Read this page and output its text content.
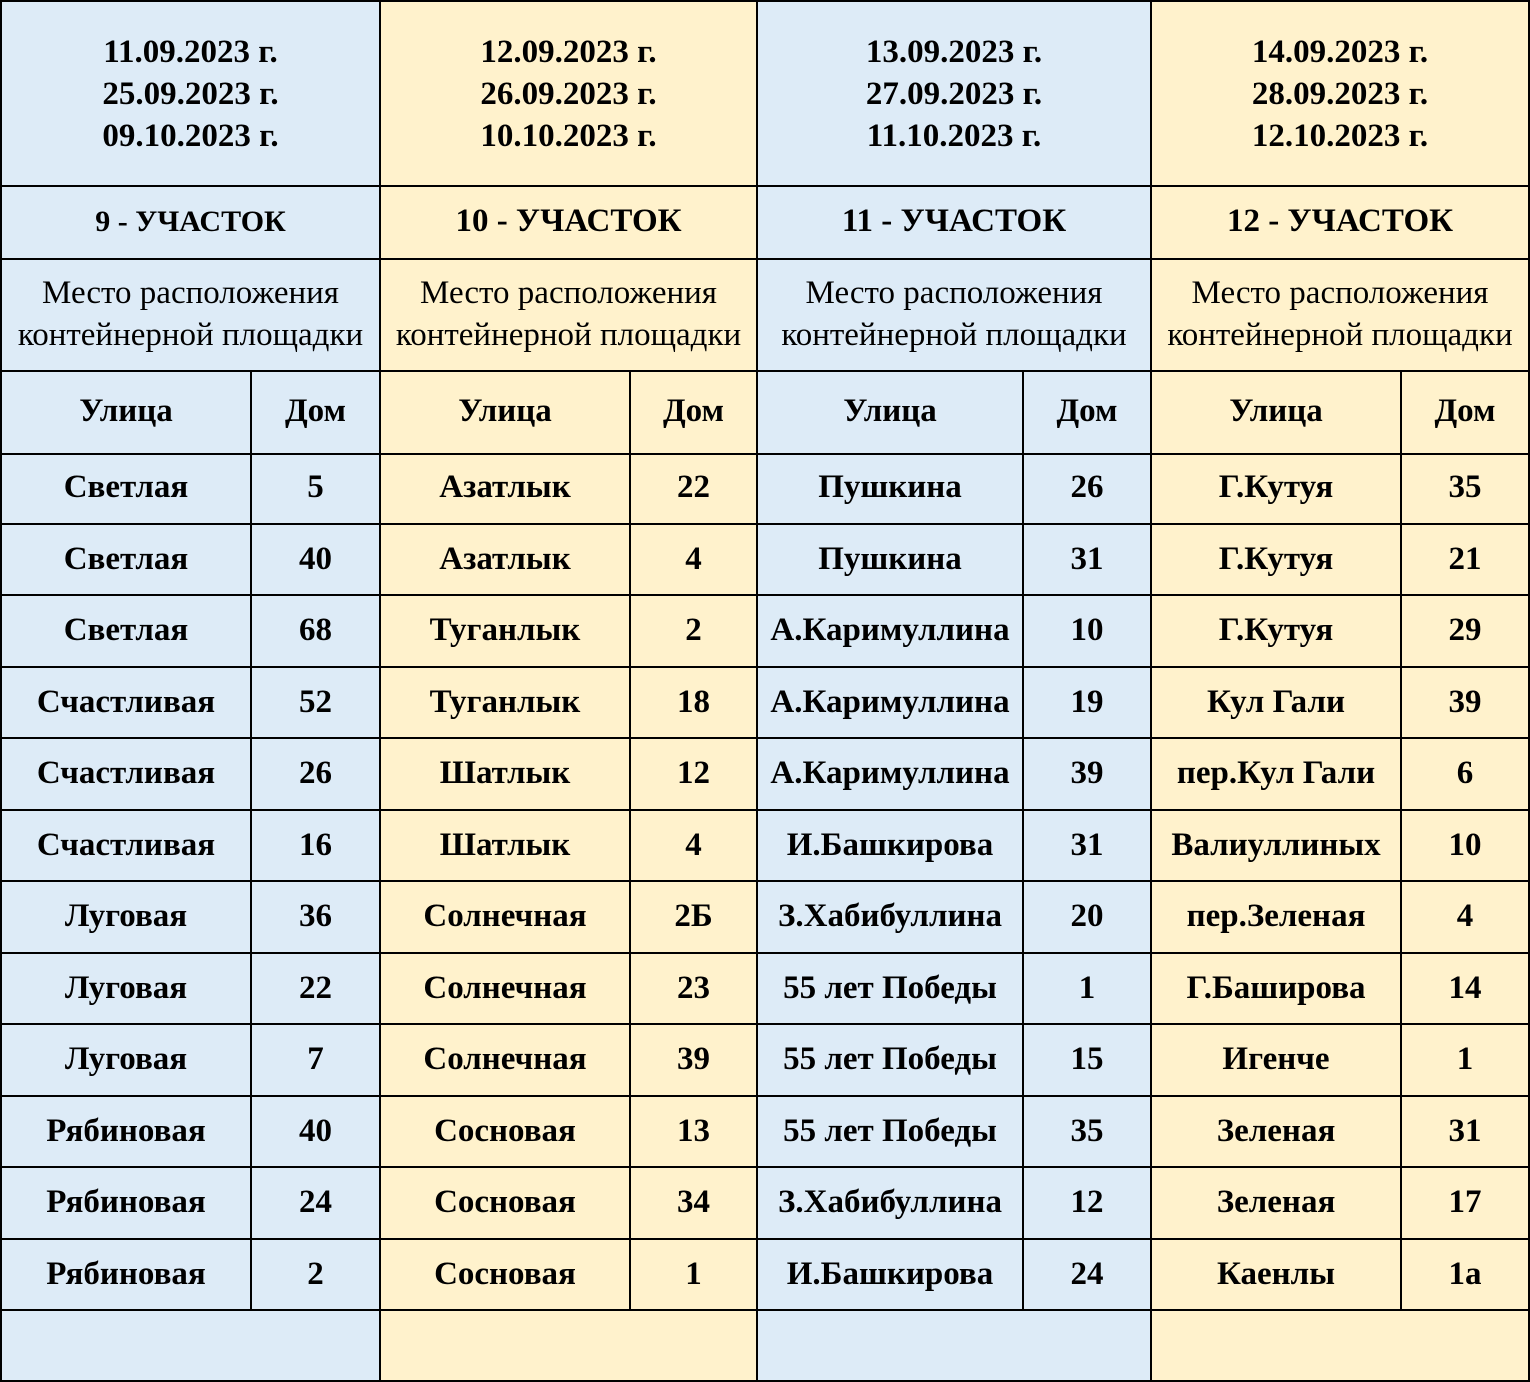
11.09.2023 г.
25.09.2023 г.
09.10.2023 г.
9 - УЧАСТОК
Место расположения
контейнерной площадки
Улица	Дом
Светлая	5
Светлая	40
Светлая	68
Счастливая	52
Счастливая	26
Счастливая	16
Луговая	36
Луговая	22
Луговая	7
Рябиновая	40
Рябиновая	24
Рябиновая	2
12.09.2023 г.
26.09.2023 г.
10.10.2023 г.
10 - УЧАСТОК
Место расположения
контейнерной площадки
Улица	Дом
Азатлык	22
Азатлык	4
Туганлык	2
Туганлык	18
Шатлык	12
Шатлык	4
Солнечная	2Б
Солнечная	23
Солнечная	39
Сосновая	13
Сосновая	34
Сосновая	1
13.09.2023 г.
27.09.2023 г.
11.10.2023 г.
11 - УЧАСТОК
Место расположения
контейнерной площадки
Улица	Дом
Пушкина	26
Пушкина	31
А.Каримуллина	10
А.Каримуллина	19
А.Каримуллина	39
И.Башкирова	31
З.Хабибуллина	20
55 лет Победы	1
55 лет Победы	15
55 лет Победы	35
З.Хабибуллина	12
И.Башкирова	24
14.09.2023 г.
28.09.2023 г.
12.10.2023 г.
12 - УЧАСТОК
Место расположения
контейнерной площадки
Улица	Дом
Г.Кутуя	35
Г.Кутуя	21
Г.Кутуя	29
Кул Гали	39
пер.Кул Гали	6
Валиуллиных	10
пер.Зеленая	4
Г.Баширова	14
Игенче	1
Зеленая	31
Зеленая	17
Каенлы	1а
